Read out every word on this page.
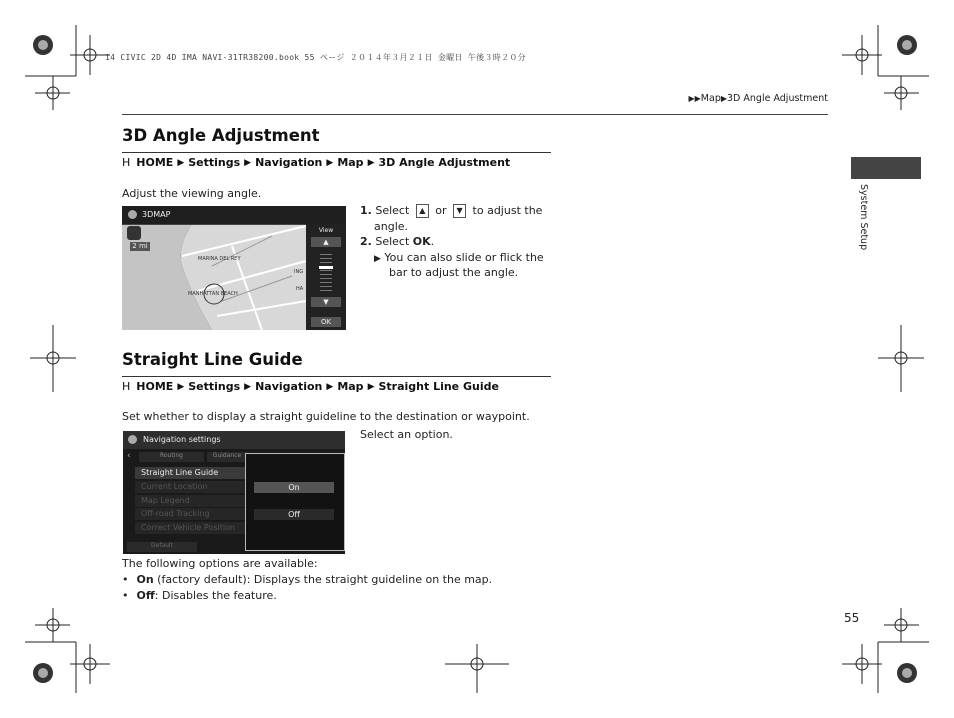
14 CIVIC 2D 4D IMA NAVI-31TR38200.book 55 ページ ２０１４年３月２１日 金曜日 午後３時２０分
▶▶Map▶3D Angle Adjustment
System Setup
3D Angle Adjustment
H HOME ▶ Settings ▶ Navigation ▶ Map ▶ 3D Angle Adjustment
Adjust the viewing angle.
3DMAP
2 mi
MARINA DEL REY
MANHATTAN BEACH
ING
HA
View
▲
▼
OK
1. Select ▲ or ▼ to adjust the
angle.
2. Select OK.
▶ You can also slide or flick the
bar to adjust the angle.
Straight Line Guide
H HOME ▶ Settings ▶ Navigation ▶ Map ▶ Straight Line Guide
Set whether to display a straight guideline to the destination or waypoint.
Select an option.
Navigation settings
‹	Routing	Guidance
Straight Line Guide
Current Location
Map Legend
Off-road Tracking
Correct Vehicle Position
Default
On
Off
The following options are available:
• On (factory default): Displays the straight guideline on the map.
• Off: Disables the feature.
55
